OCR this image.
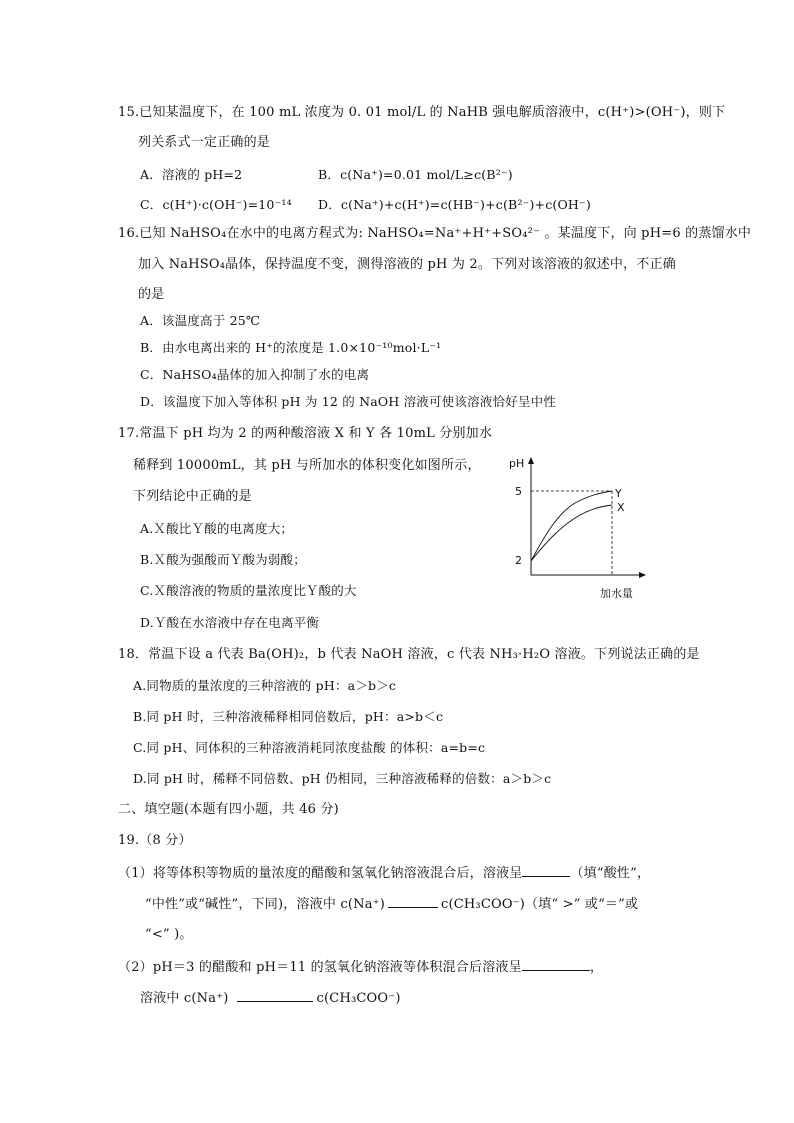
15.已知某温度下，在 100 mL 浓度为 0. 01 mol/L 的 NaHB 强电解质溶液中，c(H⁺)>(OH⁻)，则下
列关系式一定正确的是
A．溶液的 pH=2	B．c(Na⁺)=0.01 mol/L≥c(B²⁻)
C．c(H⁺)·c(OH⁻)=10⁻¹⁴ D．c(Na⁺)+c(H⁺)=c(HB⁻)+c(B²⁻)+c(OH⁻)
16.已知 NaHSO₄在水中的电离方程式为: NaHSO₄=Na⁺+H⁺+SO₄²⁻ 。某温度下，向 pH=6 的蒸馏水中
加入 NaHSO₄晶体，保持温度不变，测得溶液的 pH 为 2。下列对该溶液的叙述中，不正确
的是
A．该温度高于 25℃
B．由水电离出来的 H⁺的浓度是 1.0×10⁻¹⁰mol·L⁻¹
C．NaHSO₄晶体的加入抑制了水的电离
D．该温度下加入等体积 pH 为 12 的 NaOH 溶液可使该溶液恰好呈中性
17.常温下 pH 均为 2 的两种酸溶液 X 和 Y 各 10mL 分别加水
稀释到 10000mL，其 pH 与所加水的体积变化如图所示，
下列结论中正确的是
A.Ｘ酸比Ｙ酸的电离度大；
B.Ｘ酸为强酸而Ｙ酸为弱酸；
C.Ｘ酸溶液的物质的量浓度比Ｙ酸的大
D.Ｙ酸在水溶液中存在电离平衡
pH
5
2
Y
X
加水量
18．常温下设 a 代表 Ba(OH)₂，b 代表 NaOH 溶液，c 代表 NH₃·H₂O 溶液。下列说法正确的是
A.同物质的量浓度的三种溶液的 pH：a＞b＞c
B.同 pH 时，三种溶液稀释相同倍数后，pH：a>b＜c
C.同 pH、同体积的三种溶液消耗同浓度盐酸 的体积：a=b=c
D.同 pH 时，稀释不同倍数、pH 仍相同，三种溶液稀释的倍数：a＞b＞c
二、填空题(本题有四小题，共 46 分)
19.（8 分）
（1）将等体积等物质的量浓度的醋酸和氢氧化钠溶液混合后，溶液呈	（填“酸性”，
“中性”或“碱性”，下同)，溶液中 c(Na⁺)	c(CH₃COO⁻)（填“ >” 或“＝”或
“<” )。
（2）pH＝3 的醋酸和 pH＝11 的氢氧化钠溶液等体积混合后溶液呈	，
溶液中 c(Na⁺)	c(CH₃COO⁻)
